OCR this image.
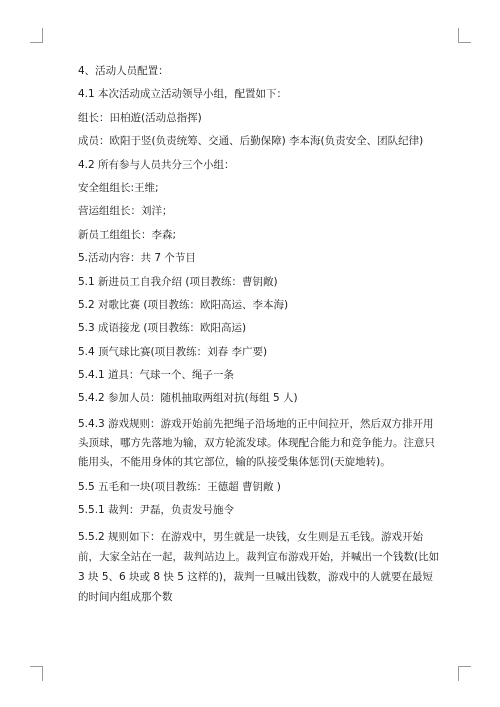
4、活动人员配置：

4.1 本次活动成立活动领导小组，配置如下：

组长：田柏遊(活动总指挥)

成员：欧阳于竖(负责统筹、交通、后勤保障) 李本海(负责安全、团队纪律)

4.2 所有参与人员共分三个小组：

安全组组长:王维;

营运组组长：刘洋；

新员工组组长：李森;

5.活动内容：共 7 个节目

5.1 新进员工自我介绍 (项目教练：曹钥敞)

5.2 对歌比赛 (项目教练：欧阳高运、李本海)

5.3 成语接龙 (项目教练：欧阳高运)

5.4 顶气球比赛(项目教练：刘春 李广要)

5.4.1 道具：气球一个、绳子一条

5.4.2 参加人员：随机抽取两组对抗(每组 5 人)

5.4.3 游戏规则：游戏开始前先把绳子沿场地的正中间拉开，然后双方排开用头顶球，哪方先落地为输，双方轮流发球。体现配合能力和竞争能力。注意只能用头，不能用身体的其它部位，输的队接受集体惩罚(天旋地转)。

5.5 五毛和一块(项目教练：王德超 曹钥敞 )

5.5.1 裁判：尹磊，负责发号施令

5.5.2 规则如下：在游戏中，男生就是一块钱，女生则是五毛钱。游戏开始前，大家全站在一起，裁判站边上。裁判宣布游戏开始，并喊出一个钱数(比如 3 块 5、6 块或 8 快 5 这样的)，裁判一旦喊出钱数，游戏中的人就要在最短的时间内组成那个数
